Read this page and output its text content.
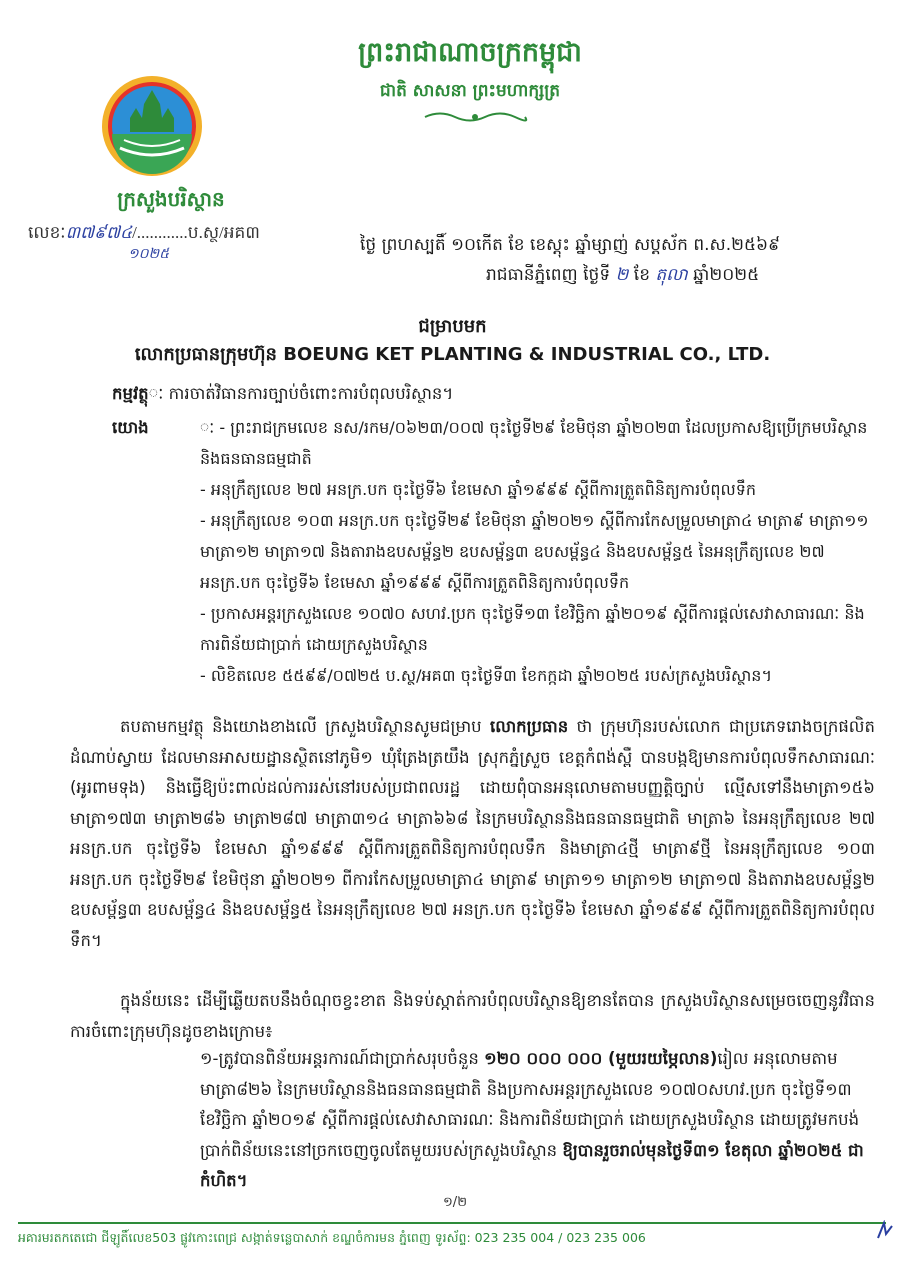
ព្រះរាជាណាចក្រកម្ពុជា
ជាតិ សាសនា ព្រះមហាក្សត្រ
ក្រសួងបរិស្ថាន
លេខៈ៣៧៩៧៤/............ប.ស្ថ/អគ៣
១០២៥	ថ្ងៃ ព្រហស្បតិ៍ ១០កើត ខែ ខេស្ដុះ ឆ្នាំម្សាញ់ សប្តស័ក ព.ស.២៥៦៩
រាជធានីភ្នំពេញ ថ្ងៃទី ២ ខែ តុលា ឆ្នាំ២០២៥
ជម្រាបមក
លោកប្រធានក្រុមហ៊ុន BOEUNG KET PLANTING & INDUSTRIAL CO., LTD.
កម្មវត្ថុៈ ការចាត់វិធានការច្បាប់ចំពោះការបំពុលបរិស្ថាន។
យោង	ៈ - ព្រះរាជក្រមលេខ នស/រកម/០៦២៣/០០៧ ចុះថ្ងៃទី២៩ ខែមិថុនា ឆ្នាំ២០២៣ ដែលប្រកាសឱ្យប្រើក្រមបរិស្ថាននិងធនធានធម្មជាតិ

- អនុក្រឹត្យលេខ ២៧ អនក្រ.បក ចុះថ្ងៃទី៦ ខែមេសា ឆ្នាំ១៩៩៩ ស្តីពីការត្រួតពិនិត្យការបំពុលទឹក

- អនុក្រឹត្យលេខ ១០៣ អនក្រ.បក ចុះថ្ងៃទី២៩ ខែមិថុនា ឆ្នាំ២០២១ ស្ដីពីការកែសម្រួលមាត្រា៤ មាត្រា៩ មាត្រា១១ មាត្រា១២ មាត្រា១៧ និងតារាងឧបសម្ព័ន្ធ២ ឧបសម្ព័ន្ធ៣ ឧបសម្ព័ន្ធ៤ និងឧបសម្ព័ន្ធ៥ នៃអនុក្រឹត្យលេខ ២៧ អនក្រ.បក ចុះថ្ងៃទី៦ ខែមេសា ឆ្នាំ១៩៩៩ ស្ដីពីការត្រួតពិនិត្យការបំពុលទឹក

- ប្រកាសអន្តរក្រសួងលេខ ១០៧០ សហវ.ប្រក ចុះថ្ងៃទី១៣ ខែវិច្ឆិកា ឆ្នាំ២០១៩ ស្តីពីការផ្តល់សេវាសាធារណៈ និងការពិន័យជាប្រាក់ ដោយក្រសួងបរិស្ថាន

- លិខិតលេខ ៥៥៩៩/០៧២៥ ប.ស្ថ/អគ៣ ចុះថ្ងៃទី៣ ខែកក្កដា ឆ្នាំ២០២៥ របស់ក្រសួងបរិស្ថាន។

តបតាមកម្មវត្ថុ និងយោងខាងលើ ក្រសួងបរិស្ថានសូមជម្រាប លោកប្រធាន ថា ក្រុមហ៊ុនរបស់លោក ជាប្រភេទរោងចក្រផលិតដំណាប់ស្វាយ ដែលមានអាសយដ្ឋានស្ថិតនៅភូមិ១ ឃុំត្រែងត្រយឹង ស្រុកភ្នំស្រួច ខេត្តកំពង់ស្ពឺ បានបង្កឱ្យមានការបំពុលទឹកសាធារណៈ (អូរពាមទុង) និងធ្វើឱ្យប៉ះពាល់ដល់ការរស់នៅរបស់ប្រជាពលរដ្ឋ ដោយពុំបានអនុលោមតាមបញ្ញត្តិច្បាប់ ល្មើសទៅនឹងមាត្រា១៥៦ មាត្រា១៧៣ មាត្រា២៨៦ មាត្រា២៨៧ មាត្រា៣១៤ មាត្រា៦៦៨ នៃក្រមបរិស្ថាននិងធនធានធម្មជាតិ មាត្រា៦ នៃអនុក្រឹត្យលេខ ២៧ អនក្រ.បក ចុះថ្ងៃទី៦ ខែមេសា ឆ្នាំ១៩៩៩ ស្ដីពីការត្រួតពិនិត្យការបំពុលទឹក និងមាត្រា៤ថ្មី មាត្រា៩ថ្មី នៃអនុក្រឹត្យលេខ ១០៣ អនក្រ.បក ចុះថ្ងៃទី២៩ ខែមិថុនា ឆ្នាំ២០២១ ពីការកែសម្រួលមាត្រា៤ មាត្រា៩ មាត្រា១១ មាត្រា១២ មាត្រា១៧ និងតារាងឧបសម្ព័ន្ធ២ ឧបសម្ព័ន្ធ៣ ឧបសម្ព័ន្ធ៤ និងឧបសម្ព័ន្ធ៥ នៃអនុក្រឹត្យលេខ ២៧ អនក្រ.បក ចុះថ្ងៃទី៦ ខែមេសា ឆ្នាំ១៩៩៩ ស្ដីពីការត្រួតពិនិត្យការបំពុលទឹក។
ក្នុងន័យនេះ ដើម្បីឆ្លើយតបនឹងចំណុចខ្វះខាត និងទប់ស្កាត់ការបំពុលបរិស្ថានឱ្យខានតែបាន ក្រសួងបរិស្ថានសម្រេចចេញនូវវិធានការចំពោះក្រុមហ៊ុនដូចខាងក្រោម៖
១-ត្រូវបានពិន័យអន្តរការណ៍ជាប្រាក់សរុបចំនួន ១២០ ០០០ ០០០ (មួយរយម្ភៃលាន)រៀល អនុលោមតាមមាត្រា៨២៦ នៃក្រមបរិស្ថាននិងធនធានធម្មជាតិ និងប្រកាសអន្តរក្រសួងលេខ ១០៧០សហវ.ប្រក ចុះថ្ងៃទី១៣ ខែវិច្ឆិកា ឆ្នាំ២០១៩ ស្តីពីការផ្តល់សេវាសាធារណៈ និងការពិន័យជាប្រាក់ ដោយក្រសួងបរិស្ថាន ដោយត្រូវមកបង់ប្រាក់ពិន័យនេះនៅច្រកចេញចូលតែមួយរបស់ក្រសួងបរិស្ថាន ឱ្យបានរួចរាល់មុនថ្ងៃទី៣១ ខែតុលា ឆ្នាំ២០២៥ ជាកំហិត។
១/២
អគារមរតកតេជោ ជីឡូតិ៍លេខ503 ផ្លូវកោះពេជ្រ សង្កាត់ទន្លេបាសាក់ ខណ្ឌចំការមន ភ្នំពេញ ទូរស័ព្ទ: 023 235 004 / 023 235 006
